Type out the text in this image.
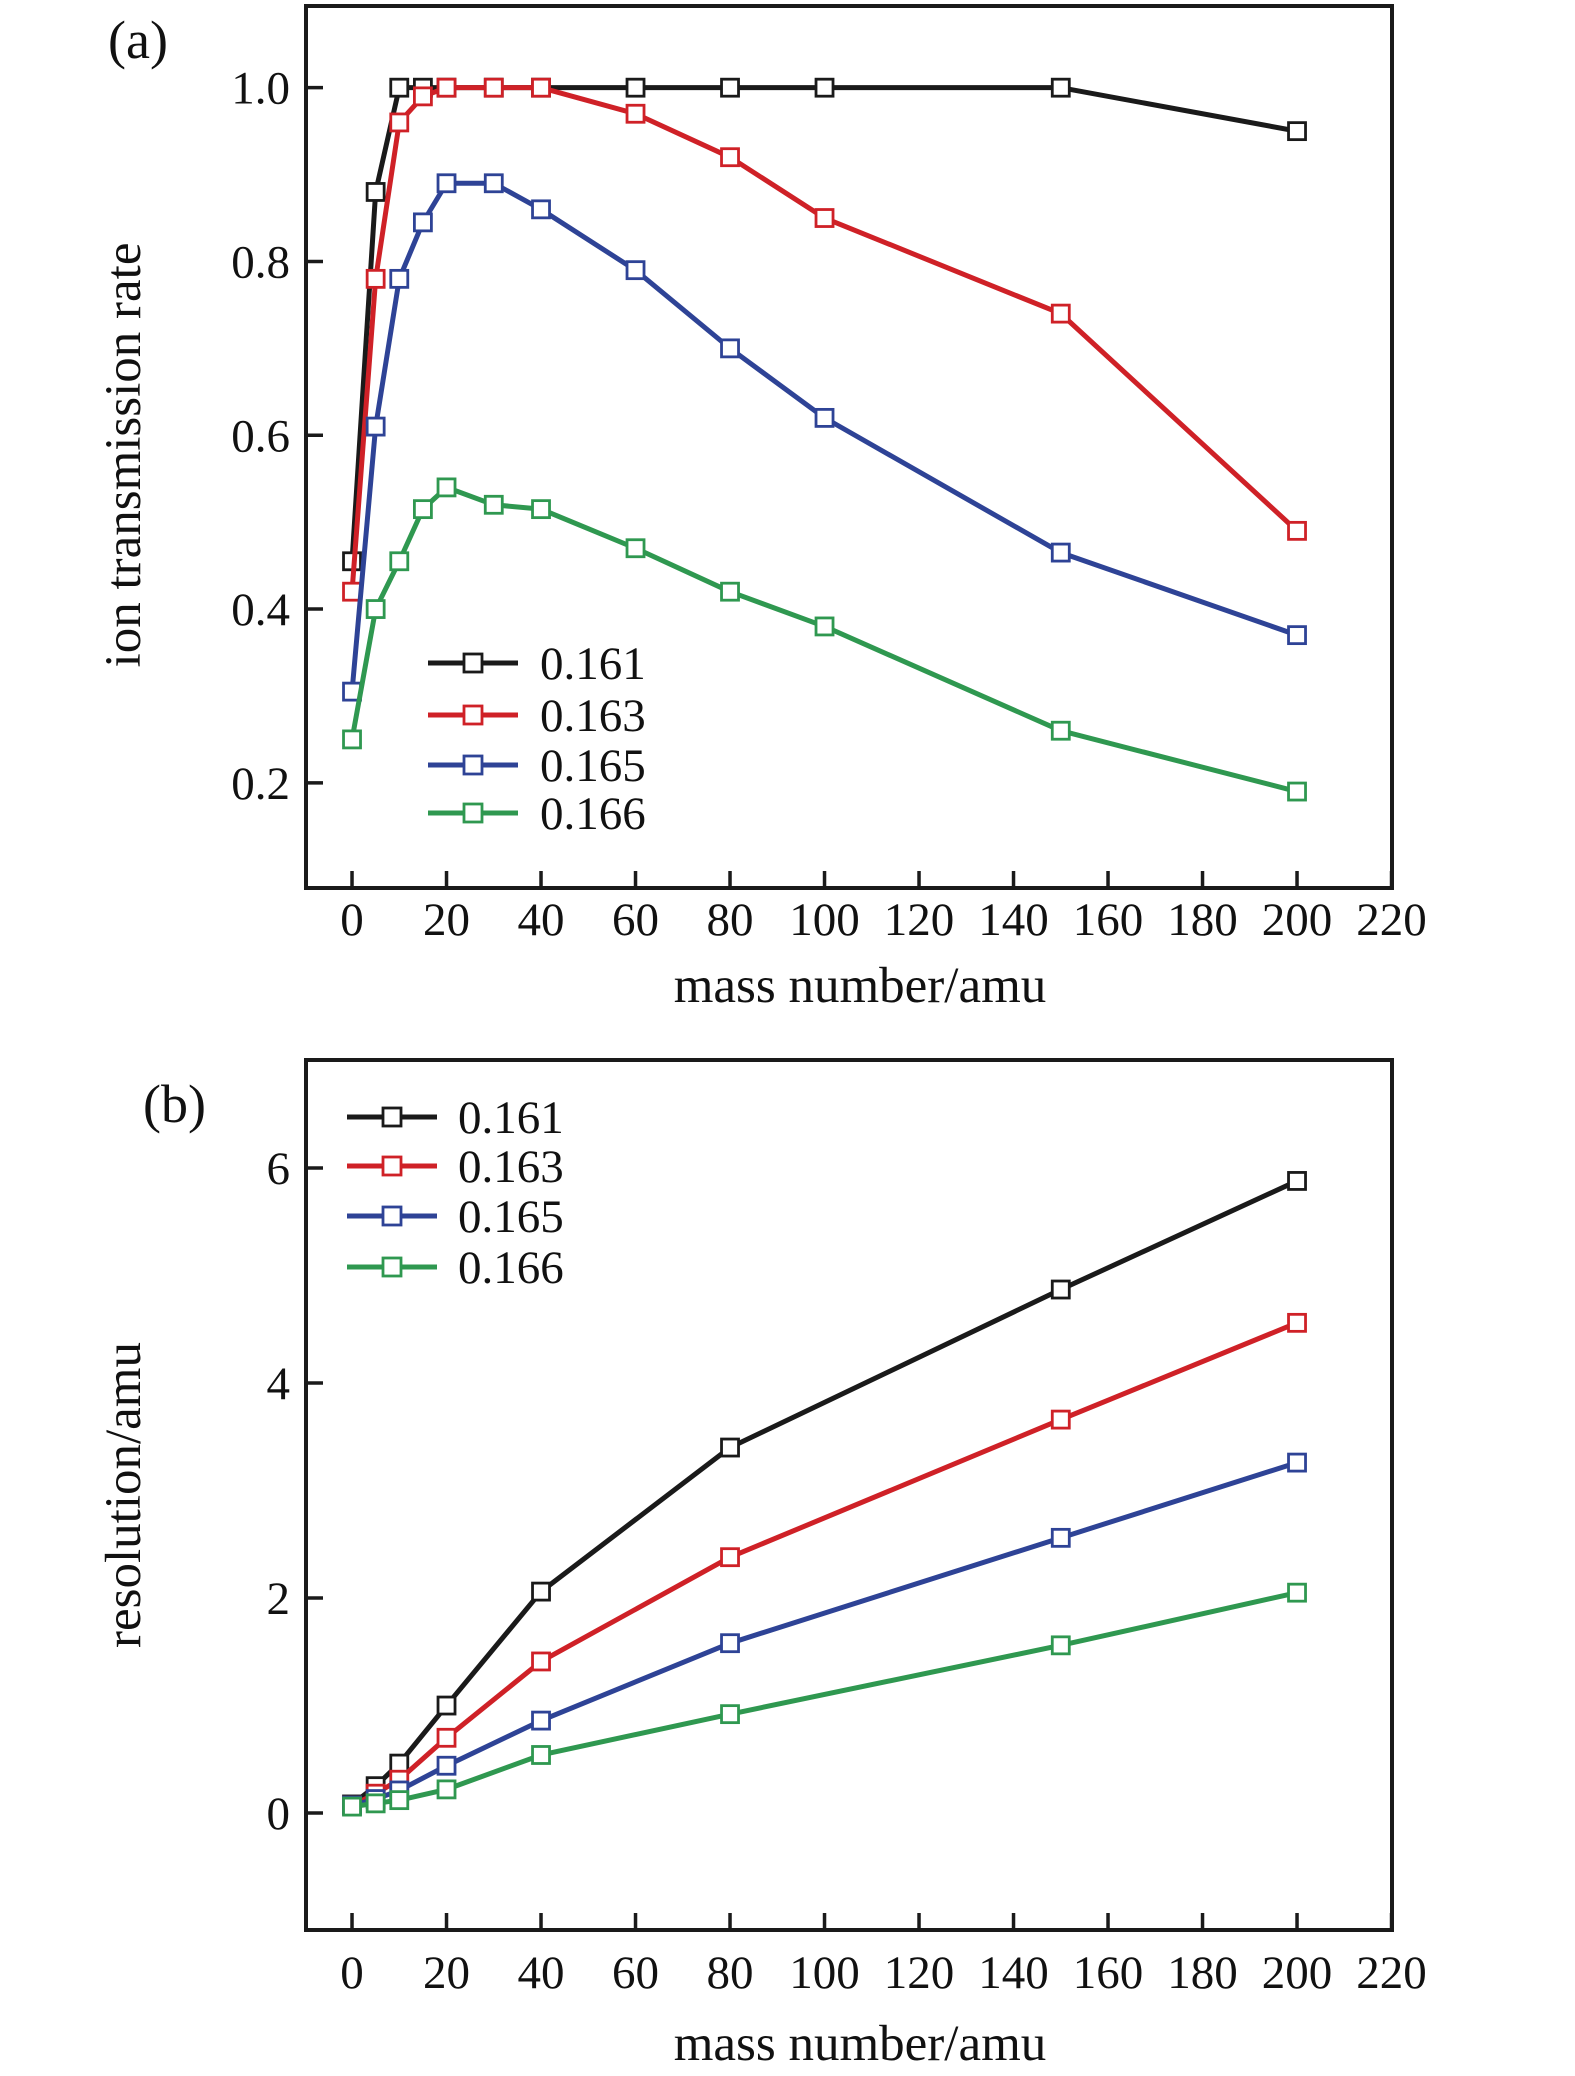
0 20 40 60 80 100 120 140 160 180 200 220
1.0
0.8
0.6
0.4
0.2
0.161
0.163
0.165
0.166
0 20 40 60 80 100 120 140 160 180 200 220
6
4
2
0
0.161
0.163
0.165
0.166
(a)
mass number/amu
ion transmission rate
(b)
mass number/amu
resolution/amu
